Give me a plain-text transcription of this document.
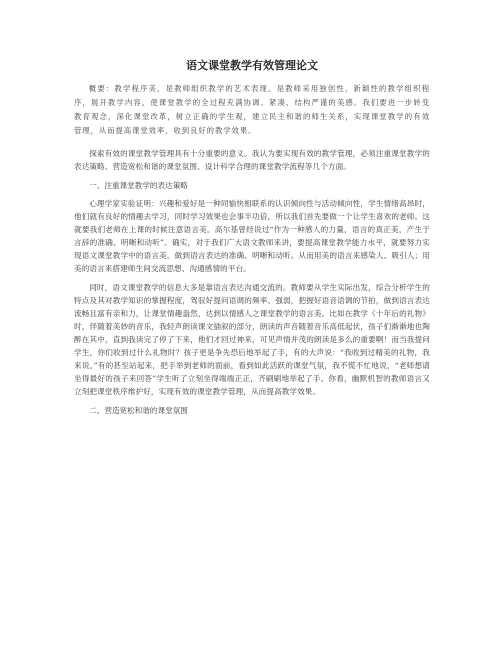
语文课堂教学有效管理论文

概要：教学程序美，是教师组织教学的艺术表现。是教师采用独创性，新颖性的教学组织程序，展开教学内容，使课堂教学的全过程充满协调、紧凑、结构严谨的美感。我们要进一步转变教育观念，深化课堂改革，树立正确的学生观，建立民主和谐的师生关系，实现课堂教学的有效管理，从而提高课堂效率，收到良好的教学效果。

探索有效的课堂教学管理具有十分重要的意义。我认为要实现有效的教学管理，必须注重课堂教学的表达策略、营造宽松和谐的课堂氛围、设计科学合理的课堂教学流程等几个方面。

一、注重课堂教学的表达策略

心理学家实验证明：兴趣和爱好是一种同愉快相联系的认识倾向性与活动倾向性，学生情绪高昂时，他们就有良好的情趣去学习，同时学习效果也会事半功倍，所以我们首先要做一个让学生喜欢的老师。这就要我们老师在上课的时候注意语言美。高尔基曾经说过“作为一种感人的力量，语言的真正美，产生于言辞的准确、明晰和动听”。确实，对于我们广大语文教师来讲，要提高课堂教学能力水平，就要努力实现语文课堂教学中的语言美。做到语言表达的准确、明晰和动听。从而用美的语言来感染人、吸引人；用美的语言来搭建师生间交流思想、沟通感情的平台。

同时，语文课堂教学的信息大多是靠语言表达沟通交流的。教师要从学生实际出发，综合分析学生的特点及其对教学知识的掌握程度，驾驭好提问语调的频率、强弱，把握好语音语调的节拍，做到语言表达流畅且富有亲和力，让课堂情趣盎然，达到以情感人之课堂教学的语言美。比如在教学《十年后的礼物》时，伴随着美妙的音乐，我轻声朗读课文插叙的部分，朗读的声音随着音乐高低起伏，孩子们渐渐地也陶醉在其中，直到我读完了停了下来，他们才回过神来，可见声情并茂的朗读是多么的重要啊！而当我提问学生，你们收到过什么礼物时？孩子更是争先恐后地举起了手，有的大声说：“我收到过精美的礼物，我来说。”有的甚至站起来，把手举到老师的面前，看到如此活跃的课堂气氛，我不慌不忙地说，“老师想请坐得最好的孩子来回答”学生听了立刻坐得端端正正，齐刷刷地举起了手。你看，幽默机智的教师语言又立刻把课堂秩序维护好，实现有效的课堂教学管理，从而提高教学效果。

二、营造宽松和谐的课堂氛围
